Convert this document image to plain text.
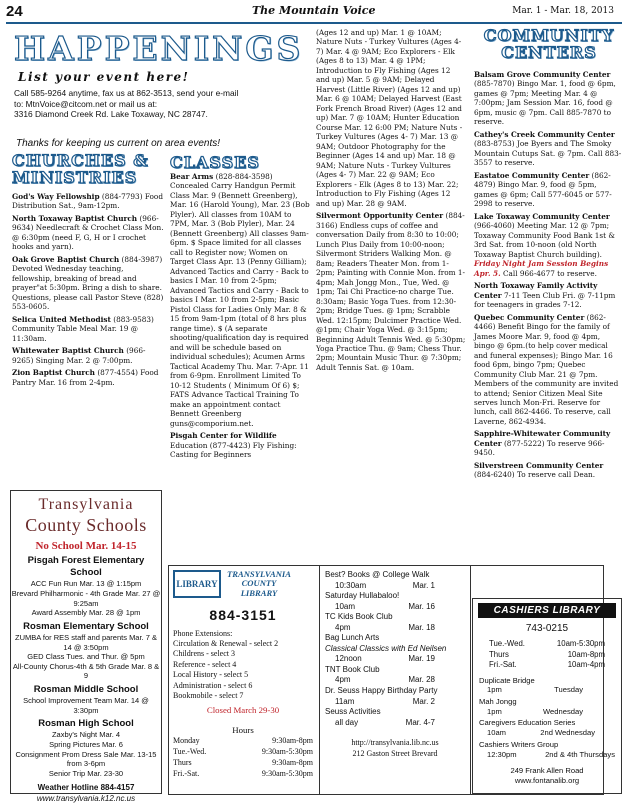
24	The Mountain Voice	Mar. 1 - Mar. 18, 2013
HAPPENINGS
List your event here!
Call 585-9264 anytime, fax us at 862-3513, send your e-mail
to: MtnVoice@citcom.net or mail us at:
3316 Diamond Creek Rd. Lake Toxaway, NC 28747.
Thanks for keeping us current on area events!
CHURCHES & MINISTRIES

God's Way Fellowship (884-7793) Food Distribution Sat., 9am-12pm.

North Toxaway Baptist Church (966-9634) Needlecraft & Crochet Class Mon. @ 6:30pm (need F, G, H or I crochet hooks and yarn).

Oak Grove Baptist Church (884-3987) Devoted Wednesday teaching, fellowship, breaking of bread and prayer"at 5:30pm. Bring a dish to share. Questions, please call Pastor Steve (828) 553-0605.

Selica United Methodist (883-9583) Community Table Meal Mar. 19 @ 11:30am.

Whitewater Baptist Church (966-9265) Singing Mar. 2 @ 7:00pm.

Zion Baptist Church (877-4554) Food Pantry Mar. 16 from 2-4pm.

CLASSES

Bear Arms (828-884-3598) Concealed Carry Handgun Permit Class Mar. 9 (Bennett Greenberg), Mar. 16 (Harold Young), Mar. 23 (Bob Plyler). All classes from 10AM to 7PM, Mar. 3 (Bob Plyler), Mar. 24 (Bennett Greenberg) All classes 9am-6pm. $ Space limited for all classes call to Register now; Women on Target Class Apr. 13 (Penny Gilliam); Advanced Tactics and Carry - Back to basics I Mar. 10 from 2-5pm; Advanced Tactics and Carry - Back to basics I Mar. 10 from 2-5pm; Basic Pistol Class for Ladies Only Mar. 8 & 15 from 9am-1pm (total of 8 hrs plus range time). $ (A separate shooting/qualification day is required and will be schedule based on individual schedules); Acumen Arms Tactical Academy Thu. Mar. 7-Apr. 11 from 6-9pm. Enrollment Limited To 10-12 Students ( Minimum Of 6) $; FATS Advance Tactical Training To make an appointment contact Bennett Greenberg guns@comporium.net.

Pisgah Center for Wildlife Education (877-4423) Fly Fishing: Casting for Beginners

(Ages 12 and up) Mar. 1 @ 10AM; Nature Nuts - Turkey Vultures (Ages 4- 7) Mar. 4 @ 9AM; Eco Explorers - Elk (Ages 8 to 13) Mar. 4 @ 1PM; Introduction to Fly Fishing (Ages 12 and up) Mar. 5 @ 9AM; Delayed Harvest (Little River) (Ages 12 and up) Mar. 6 @ 10AM; Delayed Harvest (East Fork French Broad River) (Ages 12 and up) Mar. 7 @ 10AM; Hunter Education Course Mar. 12 6:00 PM; Nature Nuts - Turkey Vultures (Ages 4- 7) Mar. 13 @ 9AM; Outdoor Photography for the Beginner (Ages 14 and up) Mar. 18 @ 9AM; Nature Nuts - Turkey Vultures (Ages 4- 7) Mar. 22 @ 9AM; Eco Explorers - Elk (Ages 8 to 13) Mar. 22; Introduction to Fly Fishing (Ages 12 and up) Mar. 28 @ 9AM.

Silvermont Opportunity Center (884-3166) Endless cups of coffee and conversation Daily from 8:30 to 10:00; Lunch Plus Daily from 10:00-noon; Silvermont Striders Walking Mon. @ 8am; Readers Theater Mon. from 1-2pm; Painting with Connie Mon. from 1-4pm; Mah Jongg Mon., Tue, Wed. @ 1pm; Tai Chi Practice-no charge Tue. 8:30am; Basic Yoga Tues. from 12:30-2pm; Bridge Tues. @ 1pm; Scrabble Wed. 12:15pm; Dulcimer Practice Wed. @1pm; Chair Yoga Wed. @ 3:15pm; Beginning Adult Tennis Wed. @ 5:30pm; Yoga Practice Thu. @ 9am; Chess Thur. 2pm; Mountain Music Thur. @ 7:30pm; Adult Tennis Sat. @ 10am.

COMMUNITY CENTERS

Balsam Grove Community Center (885-7870) Bingo Mar. 1, food @ 6pm, games @ 7pm; Meeting Mar. 4 @ 7:00pm; Jam Session Mar. 16, food @ 6pm, music @ 7pm. Call 885-7870 to reserve.

Cathey's Creek Community Center (883-8753) Joe Byers and The Smoky Mountain Cutups Sat. @ 7pm. Call 883-3557 to reserve.

Eastatoe Community Center (862-4879) Bingo Mar. 9, food @ 5pm, games @ 6pm; Call 577-6045 or 577-2998 to reserve.

Lake Toxaway Community Center (966-4060) Meeting Mar. 12 @ 7pm; Toxaway Community Food Bank 1st & 3rd Sat. from 10-noon (old North Toxaway Baptist Church building). Friday Night Jam Session Begins Apr. 5. Call 966-4677 to reserve.

North Toxaway Family Activity Center 7-11 Teen Club Fri. @ 7-11pm for teenagers in grades 7-12.

Quebec Community Center (862-4466) Benefit Bingo for the family of James Moore Mar. 9, food @ 4pm, bingo @ 6pm.(to help cover medical and funeral expenses); Bingo Mar. 16 food 6pm, bingo 7pm; Quebec Community Club Mar. 21 @ 7pm. Members of the community are invited to attend; Senior Citizen Meal Site serves lunch Mon-Fri. Reserve for lunch, call 862-4466. To reserve, call Laverne, 862-4934.

Sapphire-Whitewater Community Center (877-5222) To reserve 966-9450.

Silverstreen Community Center (884-6240) To reserve call Dean.

Transylvania
County Schools
No School Mar. 14-15
Pisgah Forest Elementary School
ACC Fun Run Mar. 13 @ 1:15pm
Brevard Philharmonic - 4th Grade Mar. 27 @ 9:25am
Award Assembly Mar. 28 @ 1pm
Rosman Elementary School
ZUMBA for RES staff and parents Mar. 7 & 14 @ 3:50pm
GED Class Tues. and Thur. @ 5pm
All-County Chorus-4th & 5th Grade Mar. 8 & 9
Rosman Middle School
School Improvement Team Mar. 14 @ 3:30pm
Rosman High School
Zaxby's Night Mar. 4
Spring Pictures Mar. 6
Consignment Prom Dress Sale Mar. 13-15 from 3-6pm
Senior Trip Mar. 23-30
Weather Hotline 884-4157
www.transylvania.k12.nc.us
LIBRARY
TRANSYLVANIA
COUNTY
LIBRARY
884-3151
Phone Extensions:
Circulation & Renewal - select 2
Childrens - select 3
Reference - select 4
Local History - select 5
Administration - select 6
Bookmobile - select 7
Closed March 29-30
Hours
Monday	9:30am-8pm
Tue.-Wed.	9:30am-5:30pm
Thurs	9:30am-8pm
Fri.-Sat.	9:30am-5:30pm
Best? Books @ College Walk
10:30am	Mar. 1
Saturday Hullabaloo!
10am	Mar. 16
TC Kids Book Club
4pm	Mar. 18
Bag Lunch Arts
Classical Classics with Ed Neilsen
12noon	Mar. 19
TNT Book Club
4pm	Mar. 28
Dr. Seuss Happy Birthday Party
11am	Mar. 2
Seuss Activities
all day	Mar. 4-7
http://transylvania.lib.nc.us
212 Gaston Street Brevard
CASHIERS LIBRARY
743-0215
Tue.-Wed.	10am-5:30pm
Thurs	10am-8pm
Fri.-Sat.	10am-4pm
Duplicate Bridge
1pm	Tuesday
Mah Jongg
1pm	Wednesday
Caregivers Education Series
10am	2nd Wednesday
Cashiers Writers Group
12:30pm	2nd & 4th Thursdays
249 Frank Allen Road
www.fontanalib.org
